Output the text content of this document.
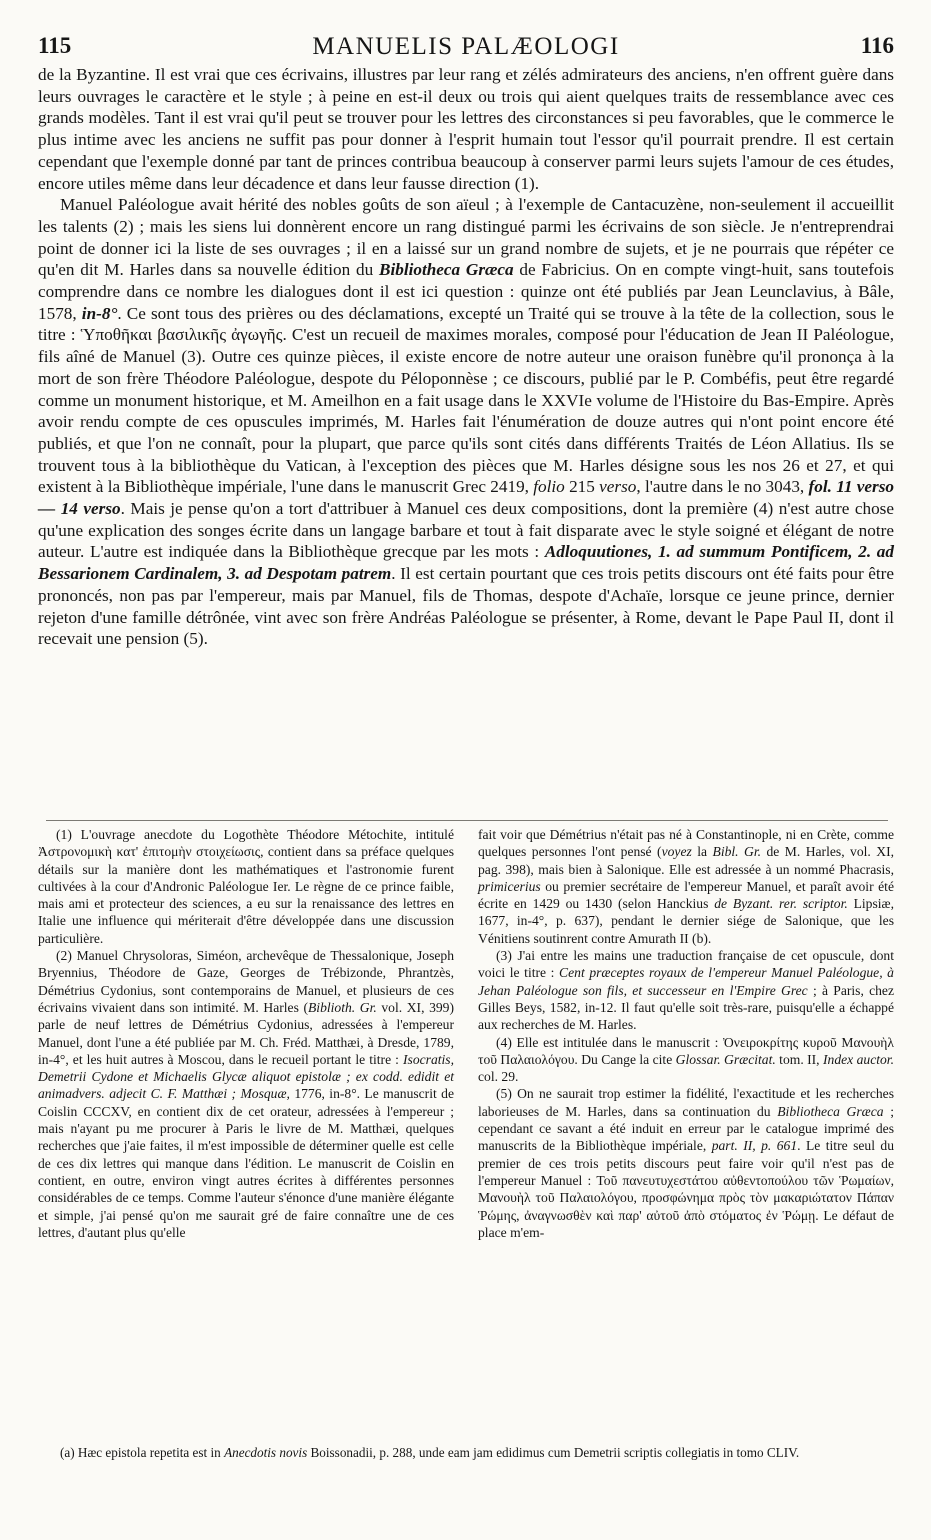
115	MANUELIS PALÆOLOGI	116

de la Byzantine. Il est vrai que ces écrivains, illustres par leur rang et zélés admirateurs des anciens, n'en offrent guère dans leurs ouvrages le caractère et le style ; à peine en est-il deux ou trois qui aient quelques traits de ressemblance avec ces grands modèles. Tant il est vrai qu'il peut se trouver pour les lettres des circonstances si peu favorables, que le commerce le plus intime avec les anciens ne suffit pas pour donner à l'esprit humain tout l'essor qu'il pourrait prendre. Il est certain cependant que l'exemple donné par tant de princes contribua beaucoup à conserver parmi leurs sujets l'amour de ces études, encore utiles même dans leur décadence et dans leur fausse direction (1).

Manuel Paléologue avait hérité des nobles goûts de son aïeul ; à l'exemple de Cantacuzène, non-seulement il accueillit les talents (2) ; mais les siens lui donnèrent encore un rang distingué parmi les écrivains de son siècle. Je n'entreprendrai point de donner ici la liste de ses ouvrages ; il en a laissé sur un grand nombre de sujets, et je ne pourrais que répéter ce qu'en dit M. Harles dans sa nouvelle édition du Bibliotheca Græca de Fabricius. On en compte vingt-huit, sans toutefois comprendre dans ce nombre les dialogues dont il est ici question : quinze ont été publiés par Jean Leunclavius, à Bâle, 1578, in-8°. Ce sont tous des prières ou des déclamations, excepté un Traité qui se trouve à la tête de la collection, sous le titre : Ὑποθῆκαι βασιλικῆς ἀγωγῆς. C'est un recueil de maximes morales, composé pour l'éducation de Jean II Paléologue, fils aîné de Manuel (3). Outre ces quinze pièces, il existe encore de notre auteur une oraison funèbre qu'il prononça à la mort de son frère Théodore Paléologue, despote du Péloponnèse ; ce discours, publié par le P. Combéfis, peut être regardé comme un monument historique, et M. Ameilhon en a fait usage dans le XXVIe volume de l'Histoire du Bas-Empire. Après avoir rendu compte de ces opuscules imprimés, M. Harles fait l'énumération de douze autres qui n'ont point encore été publiés, et que l'on ne connaît, pour la plupart, que parce qu'ils sont cités dans différents Traités de Léon Allatius. Ils se trouvent tous à la bibliothèque du Vatican, à l'exception des pièces que M. Harles désigne sous les nos 26 et 27, et qui existent à la Bibliothèque impériale, l'une dans le manuscrit Grec 2419, folio 215 verso, l'autre dans le no 3043, fol. 11 verso — 14 verso. Mais je pense qu'on a tort d'attribuer à Manuel ces deux compositions, dont la première (4) n'est autre chose qu'une explication des songes écrite dans un langage barbare et tout à fait disparate avec le style soigné et élégant de notre auteur. L'autre est indiquée dans la Bibliothèque grecque par les mots : Adloquutiones, 1. ad summum Pontificem, 2. ad Bessarionem Cardinalem, 3. ad Despotam patrem. Il est certain pourtant que ces trois petits discours ont été faits pour être prononcés, non pas par l'empereur, mais par Manuel, fils de Thomas, despote d'Achaïe, lorsque ce jeune prince, dernier rejeton d'une famille détrônée, vint avec son frère Andréas Paléologue se présenter, à Rome, devant le Pape Paul II, dont il recevait une pension (5).

(1) L'ouvrage anecdote du Logothète Théodore Métochite, intitulé Ἀστρονομικὴ κατ' ἐπιτομὴν στοιχείωσις, contient dans sa préface quelques détails sur la manière dont les mathématiques et l'astronomie furent cultivées à la cour d'Andronic Paléologue Ier. Le règne de ce prince faible, mais ami et protecteur des sciences, a eu sur la renaissance des lettres en Italie une influence qui mériterait d'être développée dans une discussion particulière.

(2) Manuel Chrysoloras, Siméon, archevêque de Thessalonique, Joseph Bryennius, Théodore de Gaze, Georges de Trébizonde, Phrantzès, Démétrius Cydonius, sont contemporains de Manuel, et plusieurs de ces écrivains vivaient dans son intimité. M. Harles (Biblioth. Gr. vol. XI, 399) parle de neuf lettres de Démétrius Cydonius, adressées à l'empereur Manuel, dont l'une a été publiée par M. Ch. Fréd. Matthæi, à Dresde, 1789, in-4°, et les huit autres à Moscou, dans le recueil portant le titre : Isocratis, Demetrii Cydone et Michaelis Glycæ aliquot epistolæ ; ex codd. edidit et animadvers. adjecit C. F. Matthæi ; Mosquæ, 1776, in-8°. Le manuscrit de Coislin CCCXV, en contient dix de cet orateur, adressées à l'empereur ; mais n'ayant pu me procurer à Paris le livre de M. Matthæi, quelques recherches que j'aie faites, il m'est impossible de déterminer quelle est celle de ces dix lettres qui manque dans l'édition. Le manuscrit de Coislin en contient, en outre, environ vingt autres écrites à différentes personnes considérables de ce temps. Comme l'auteur s'énonce d'une manière élégante et simple, j'ai pensé qu'on me saurait gré de faire connaître une de ces lettres, d'autant plus qu'elle

fait voir que Démétrius n'était pas né à Constantinople, ni en Crète, comme quelques personnes l'ont pensé (voyez la Bibl. Gr. de M. Harles, vol. XI, pag. 398), mais bien à Salonique. Elle est adressée à un nommé Phacrasis, primicerius ou premier secrétaire de l'empereur Manuel, et paraît avoir été écrite en 1429 ou 1430 (selon Hanckius de Byzant. rer. scriptor. Lipsiæ, 1677, in-4°, p. 637), pendant le dernier siége de Salonique, que les Vénitiens soutinrent contre Amurath II (b).

(3) J'ai entre les mains une traduction française de cet opuscule, dont voici le titre : Cent præceptes royaux de l'empereur Manuel Paléologue, à Jehan Paléologue son fils, et successeur en l'Empire Grec ; à Paris, chez Gilles Beys, 1582, in-12. Il faut qu'elle soit très-rare, puisqu'elle a échappé aux recherches de M. Harles.

(4) Elle est intitulée dans le manuscrit : Ὀνειροκρίτης κυροῦ Μανουὴλ τοῦ Παλαιολόγου. Du Cange la cite Glossar. Græcitat. tom. II, Index auctor. col. 29.

(5) On ne saurait trop estimer la fidélité, l'exactitude et les recherches laborieuses de M. Harles, dans sa continuation du Bibliotheca Græca ; cependant ce savant a été induit en erreur par le catalogue imprimé des manuscrits de la Bibliothèque impériale, part. II, p. 661. Le titre seul du premier de ces trois petits discours peut faire voir qu'il n'est pas de l'empereur Manuel : Τοῦ πανευτυχεστάτου αὐθεντοπούλου τῶν Ῥωμαίων, Μανουὴλ τοῦ Παλαιολόγου, προσφώνημα πρὸς τὸν μακαριώτατον Πάπαν Ῥώμης, ἀναγνωσθὲν καὶ παρ' αὐτοῦ ἀπὸ στόματος ἐν Ῥώμῃ. Le défaut de place m'em-

(a) Hæc epistola repetita est in Anecdotis novis Boissonadii, p. 288, unde eam jam edidimus cum Demetrii scriptis collegiatis in tomo CLIV.
